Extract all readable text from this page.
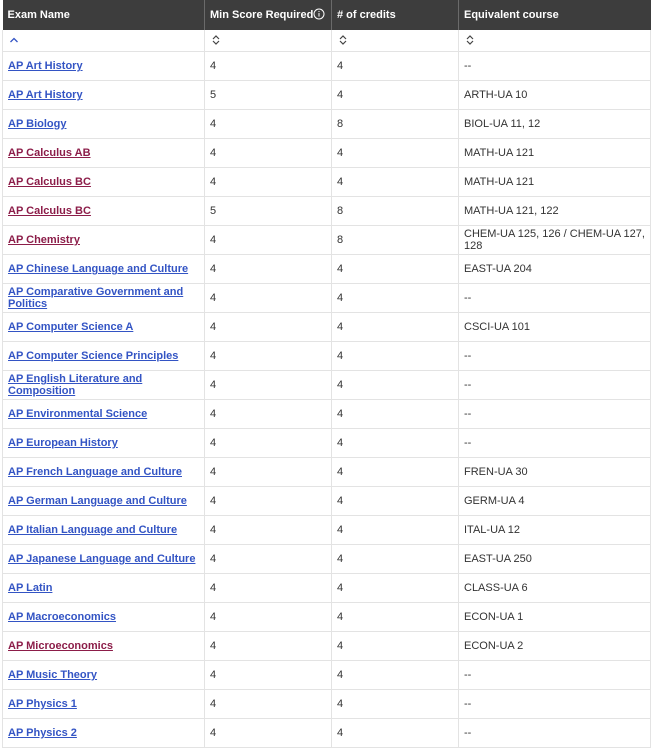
Exam Name	Min Score Required	# of credits	Equivalent course

AP Art History	4	4	--
AP Art History	5	4	ARTH-UA 10
AP Biology	4	8	BIOL-UA 11, 12
AP Calculus AB	4	4	MATH-UA 121
AP Calculus BC	4	4	MATH-UA 121
AP Calculus BC	5	8	MATH-UA 121, 122
AP Chemistry	4	8	CHEM-UA 125, 126 / CHEM-UA 127, 128
AP Chinese Language and Culture	4	4	EAST-UA 204
AP Comparative Government and Politics	4	4	--
AP Computer Science A	4	4	CSCI-UA 101
AP Computer Science Principles	4	4	--
AP English Literature and Composition	4	4	--
AP Environmental Science	4	4	--
AP European History	4	4	--
AP French Language and Culture	4	4	FREN-UA 30
AP German Language and Culture	4	4	GERM-UA 4
AP Italian Language and Culture	4	4	ITAL-UA 12
AP Japanese Language and Culture	4	4	EAST-UA 250
AP Latin	4	4	CLASS-UA 6
AP Macroeconomics	4	4	ECON-UA 1
AP Microeconomics	4	4	ECON-UA 2
AP Music Theory	4	4	--
AP Physics 1	4	4	--
AP Physics 2	4	4	--
